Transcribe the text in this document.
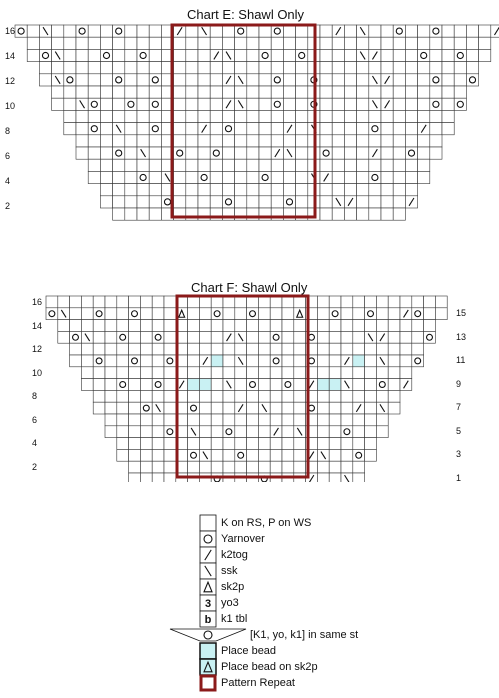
Chart E: Shawl Only
16
14
12
10
8
6
4
2
Chart F: Shawl Only
16
14
12
10
8
6
4
2
15
13
11
9
7
5
3
1
3
b
K on RS, P on WS
Yarnover
k2tog
ssk
sk2p
yo3
k1 tbl
[K1, yo, k1] in same st
Place bead
Place bead on sk2p
Pattern Repeat
